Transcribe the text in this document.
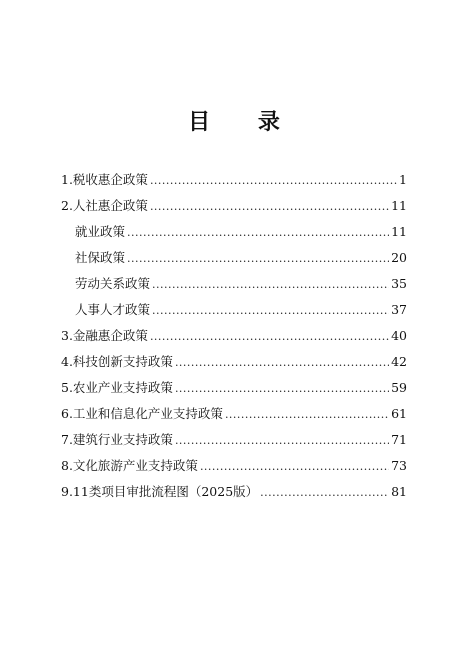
目 录
1.税收惠企政策 .....	1
2.人社惠企政策 .....	11
就业政策 .....	11
社保政策 .....	20
劳动关系政策 .....	35
人事人才政策 .....	37
3.金融惠企政策 .....	40
4.科技创新支持政策 .....	42
5.农业产业支持政策 .....	59
6.工业和信息化产业支持政策 .....	61
7.建筑行业支持政策 .....	71
8.文化旅游产业支持政策 .....	73
9.11类项目审批流程图（2025版） .....	81
